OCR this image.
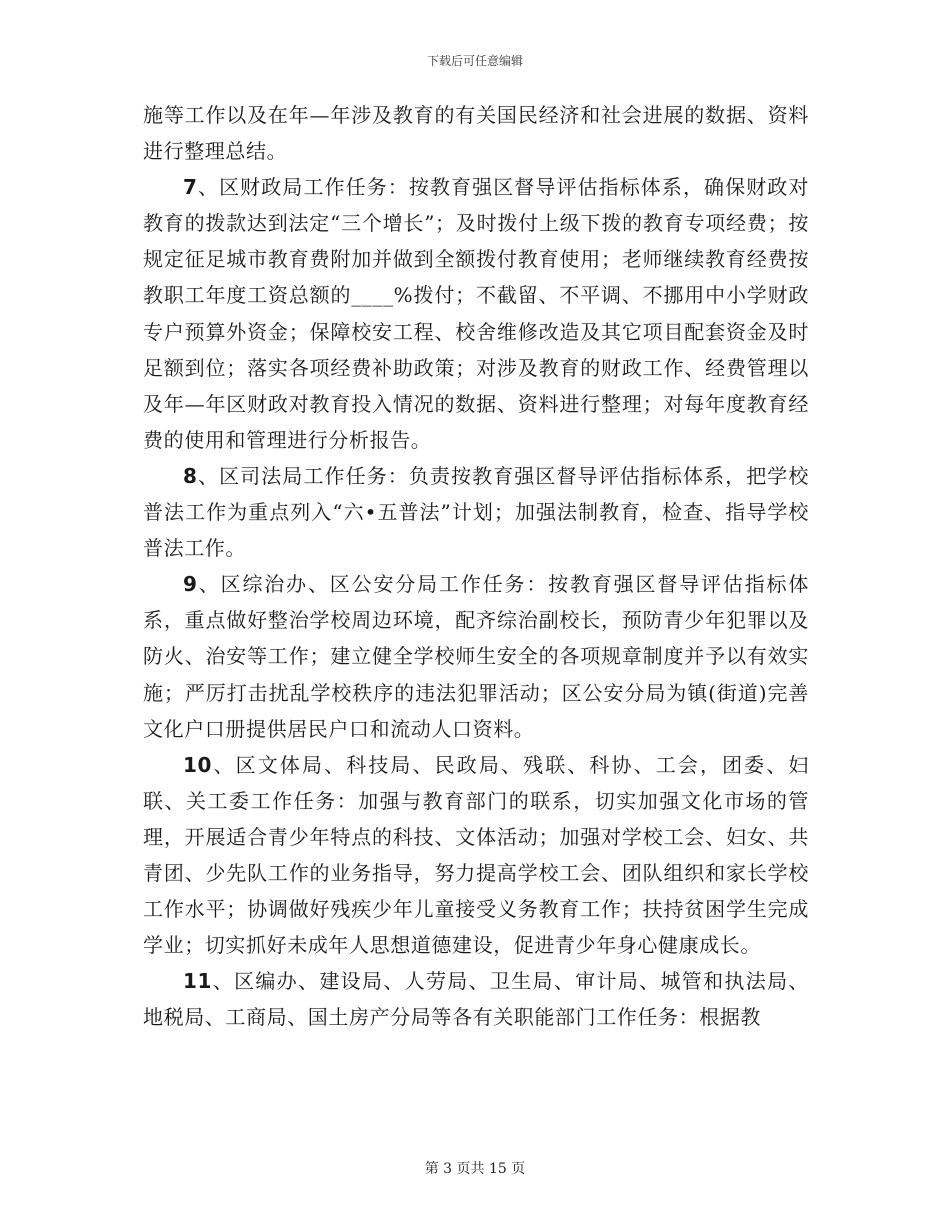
下载后可任意编辑

施等工作以及在年—年涉及教育的有关国民经济和社会进展的数据、资料进行整理总结。

7、区财政局工作任务：按教育强区督导评估指标体系，确保财政对教育的拨款达到法定“三个增长”；及时拨付上级下拨的教育专项经费；按规定征足城市教育费附加并做到全额拨付教育使用；老师继续教育经费按教职工年度工资总额的____%拨付；不截留、不平调、不挪用中小学财政专户预算外资金；保障校安工程、校舍维修改造及其它项目配套资金及时足额到位；落实各项经费补助政策；对涉及教育的财政工作、经费管理以及年—年区财政对教育投入情况的数据、资料进行整理；对每年度教育经费的使用和管理进行分析报告。

8、区司法局工作任务：负责按教育强区督导评估指标体系，把学校普法工作为重点列入“六•五普法”计划；加强法制教育，检查、指导学校普法工作。

9、区综治办、区公安分局工作任务：按教育强区督导评估指标体系，重点做好整治学校周边环境，配齐综治副校长，预防青少年犯罪以及防火、治安等工作；建立健全学校师生安全的各项规章制度并予以有效实施；严厉打击扰乱学校秩序的违法犯罪活动；区公安分局为镇(街道)完善文化户口册提供居民户口和流动人口资料。

10、区文体局、科技局、民政局、残联、科协、工会，团委、妇联、关工委工作任务：加强与教育部门的联系，切实加强文化市场的管理，开展适合青少年特点的科技、文体活动；加强对学校工会、妇女、共青团、少先队工作的业务指导，努力提高学校工会、团队组织和家长学校工作水平；协调做好残疾少年儿童接受义务教育工作；扶持贫困学生完成学业；切实抓好未成年人思想道德建设，促进青少年身心健康成长。

11、区编办、建设局、人劳局、卫生局、审计局、城管和执法局、地税局、工商局、国土房产分局等各有关职能部门工作任务：根据教

第 3 页共 15 页
